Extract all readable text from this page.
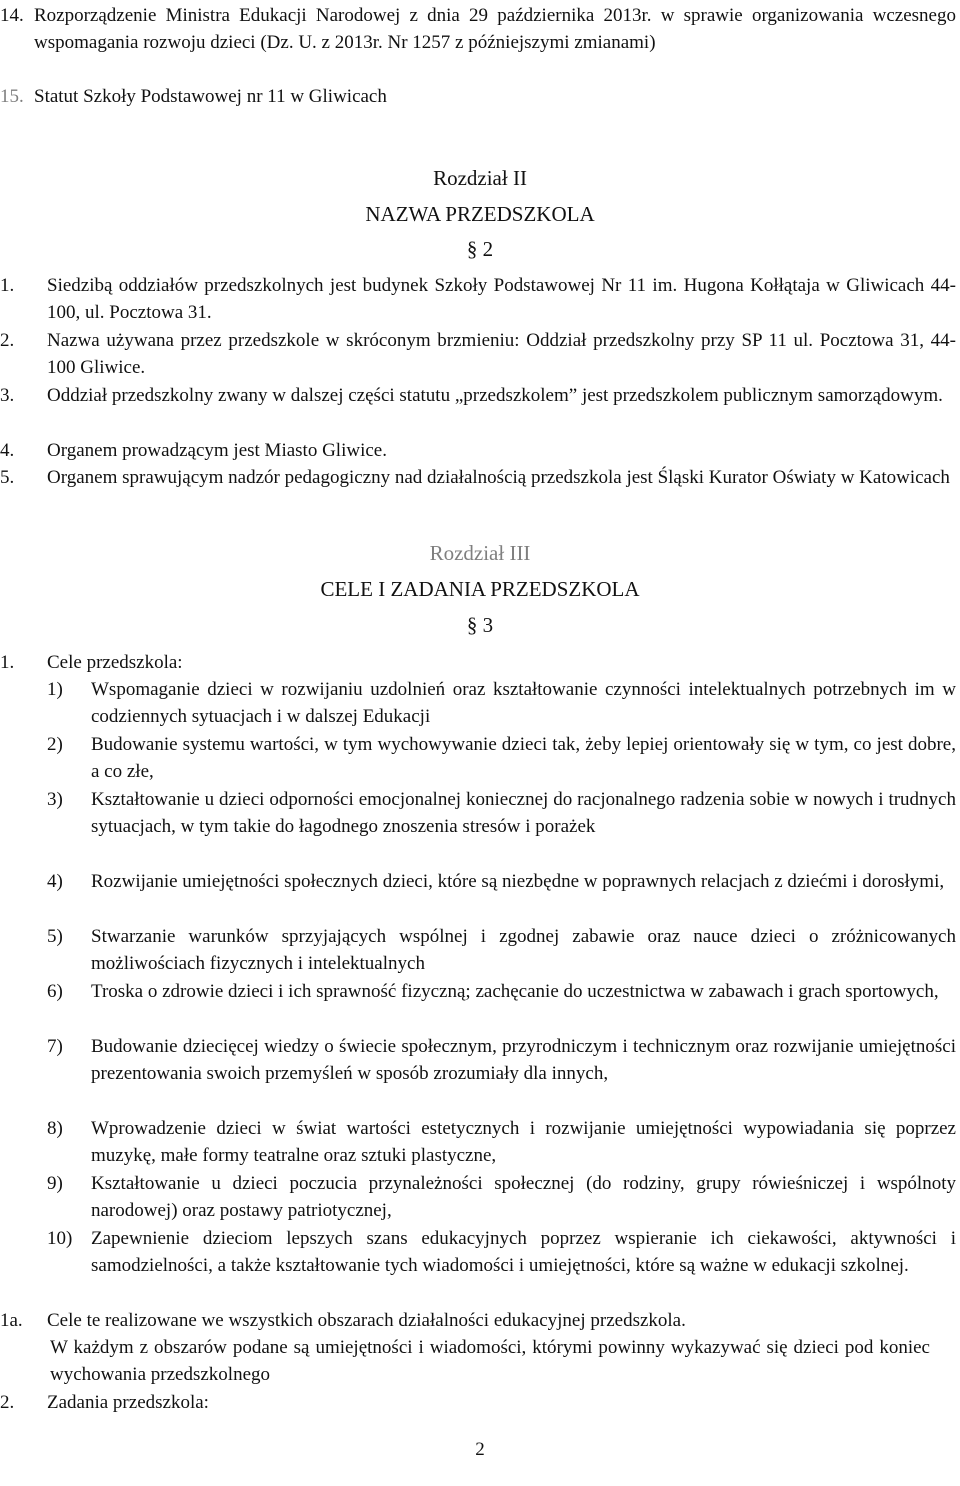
14. Rozporządzenie Ministra Edukacji Narodowej z dnia 29 października 2013r. w sprawie organizowania wczesnego wspomagania rozwoju dzieci (Dz. U. z 2013r. Nr 1257 z późniejszymi zmianami)
15. Statut Szkoły Podstawowej nr 11 w Gliwicach
Rozdział II
NAZWA PRZEDSZKOLA
§ 2
1. Siedzibą oddziałów przedszkolnych jest budynek Szkoły Podstawowej Nr 11 im. Hugona Kołłątaja w Gliwicach 44-100, ul. Pocztowa 31.
2. Nazwa używana przez przedszkole w skróconym brzmieniu: Oddział przedszkolny przy SP 11 ul. Pocztowa 31, 44- 100 Gliwice.
3. Oddział przedszkolny zwany w dalszej części statutu „przedszkolem” jest przedszkolem publicznym samorządowym.
4. Organem prowadzącym jest Miasto Gliwice.
5. Organem sprawującym nadzór pedagogiczny nad działalnością przedszkola jest Śląski Kurator Oświaty w Katowicach
Rozdział III
CELE I ZADANIA PRZEDSZKOLA
§ 3
1. Cele przedszkola:
1) Wspomaganie dzieci w rozwijaniu uzdolnień oraz kształtowanie czynności intelektualnych potrzebnych im w codziennych sytuacjach i w dalszej Edukacji
2) Budowanie systemu wartości, w tym wychowywanie dzieci tak, żeby lepiej orientowały się w tym, co jest dobre, a co złe,
3) Kształtowanie u dzieci odporności emocjonalnej koniecznej do racjonalnego radzenia sobie w nowych i trudnych sytuacjach, w tym takie do łagodnego znoszenia stresów i porażek
4) Rozwijanie umiejętności społecznych dzieci, które są niezbędne w poprawnych relacjach z dziećmi i dorosłymi,
5) Stwarzanie warunków sprzyjających wspólnej i zgodnej zabawie oraz nauce dzieci o zróżnicowanych możliwościach fizycznych i intelektualnych
6) Troska o zdrowie dzieci i ich sprawność fizyczną; zachęcanie do uczestnictwa w zabawach i grach sportowych,
7) Budowanie dziecięcej wiedzy o świecie społecznym, przyrodniczym i technicznym oraz rozwijanie umiejętności prezentowania swoich przemyśleń w sposób zrozumiały dla innych,
8) Wprowadzenie dzieci w świat wartości estetycznych i rozwijanie umiejętności wypowiadania się poprzez muzykę, małe formy teatralne oraz sztuki plastyczne,
9) Kształtowanie u dzieci poczucia przynależności społecznej (do rodziny, grupy rówieśniczej i wspólnoty narodowej) oraz postawy patriotycznej,
10) Zapewnienie dzieciom lepszych szans edukacyjnych poprzez wspieranie ich ciekawości, aktywności i samodzielności, a także kształtowanie tych wiadomości i umiejętności, które są ważne w edukacji szkolnej.
1a. Cele te realizowane we wszystkich obszarach działalności edukacyjnej przedszkola.
W każdym z obszarów podane są umiejętności i wiadomości, którymi powinny wykazywać się dzieci pod koniec wychowania przedszkolnego
2. Zadania przedszkola:
2
